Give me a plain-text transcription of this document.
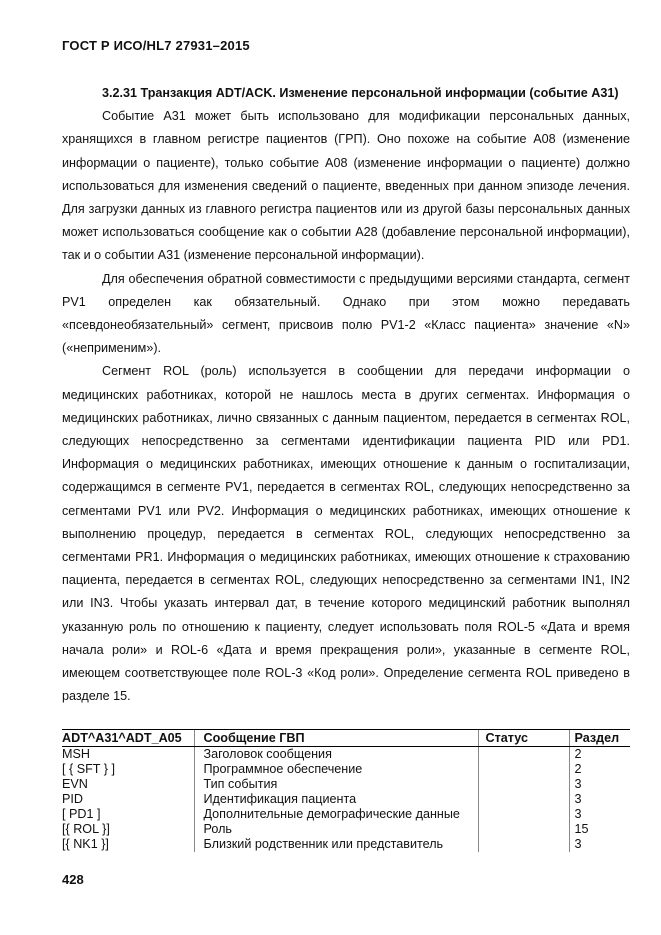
ГОСТ Р ИСО/HL7 27931–2015

3.2.31 Транзакция ADT/ACK. Изменение персональной информации (событие A31)

Событие A31 может быть использовано для модификации персональных данных, хранящихся в главном регистре пациентов (ГРП). Оно похоже на событие A08 (изменение информации о пациенте), только событие A08 (изменение информации о пациенте) должно использоваться для изменения сведений о пациенте, введенных при данном эпизоде лечения. Для загрузки данных из главного регистра пациентов или из другой базы персональных данных может использоваться сообщение как о событии A28 (добавление персональной информации), так и о событии A31 (изменение персональной информации).

Для обеспечения обратной совместимости с предыдущими версиями стандарта, сегмент PV1 определен как обязательный. Однако при этом можно передавать «псевдонеобязательный» сегмент, присвоив полю PV1-2 «Класс пациента» значение «N» («неприменим»).

Сегмент ROL (роль) используется в сообщении для передачи информации о медицинских работниках, которой не нашлось места в других сегментах. Информация о медицинских работниках, лично связанных с данным пациентом, передается в сегментах ROL, следующих непосредственно за сегментами идентификации пациента PID или PD1. Информация о медицинских работниках, имеющих отношение к данным о госпитализации, содержащимся в сегменте PV1, передается в сегментах ROL, следующих непосредственно за сегментами PV1 или PV2. Информация о медицинских работниках, имеющих отношение к выполнению процедур, передается в сегментах ROL, следующих непосредственно за сегментами PR1. Информация о медицинских работниках, имеющих отношение к страхованию пациента, передается в сегментах ROL, следующих непосредственно за сегментами IN1, IN2 или IN3. Чтобы указать интервал дат, в течение которого медицинский работник выполнял указанную роль по отношению к пациенту, следует использовать поля ROL-5 «Дата и время начала роли» и ROL-6 «Дата и время прекращения роли», указанные в сегменте ROL, имеющем соответствующее поле ROL-3 «Код роли». Определение сегмента ROL приведено в разделе 15.

ADT^A31^ADT_A05	Сообщение ГВП	Статус	Раздел
MSH	Заголовок сообщения		2
[ { SFT } ]	Программное обеспечение		2
EVN	Тип события		3
PID	Идентификация пациента		3
[ PD1 ]	Дополнительные демографические данные		3
[{ ROL }]	Роль		15
[{ NK1 }]	Близкий родственник или представитель		3
428
